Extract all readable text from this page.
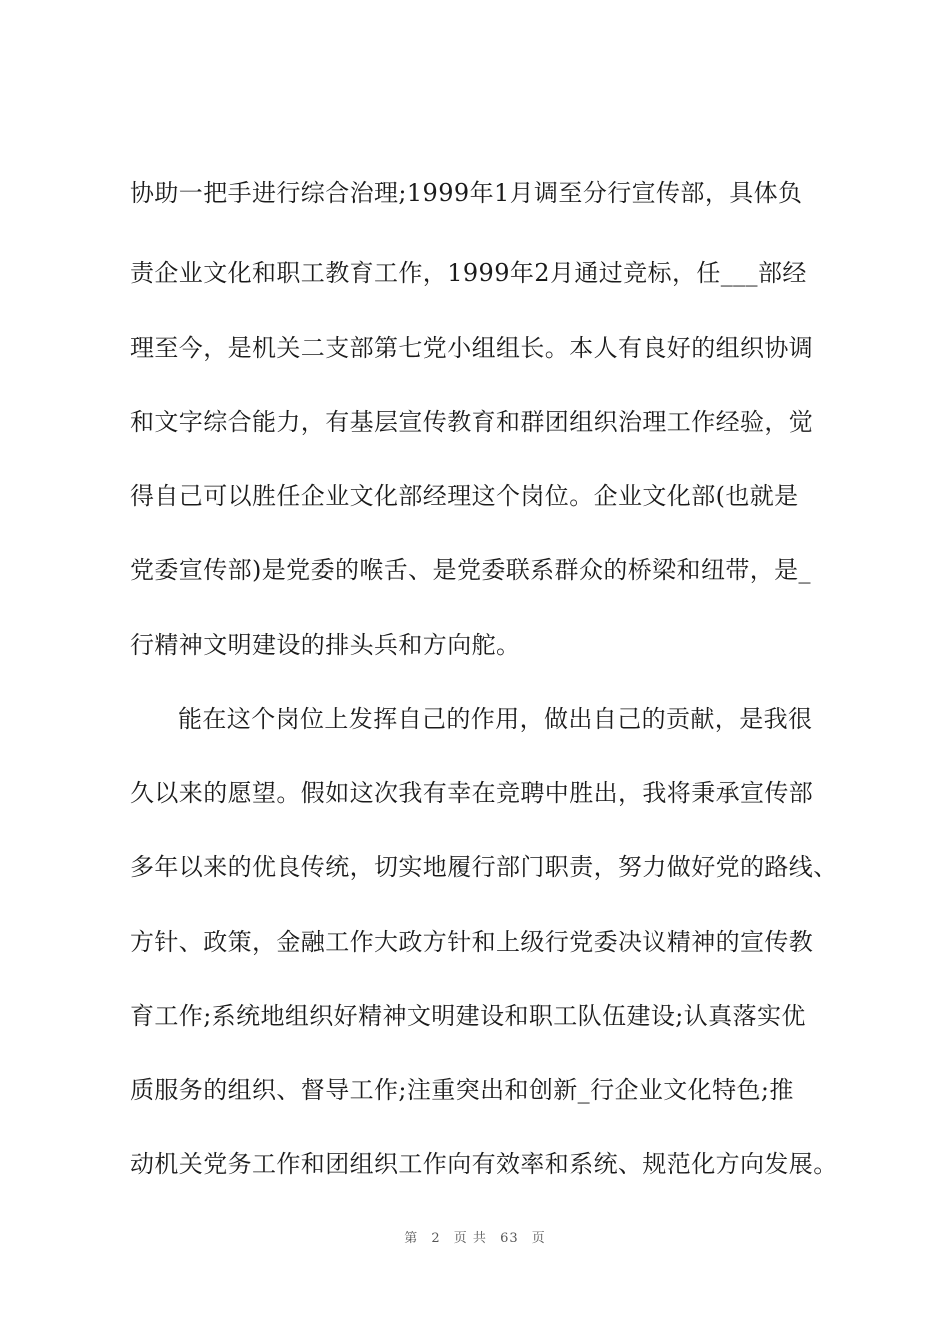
协助一把手进行综合治理;1999年1月调至分行宣传部，具体负
责企业文化和职工教育工作，1999年2月通过竞标，任___部经
理至今，是机关二支部第七党小组组长。本人有良好的组织协调
和文字综合能力，有基层宣传教育和群团组织治理工作经验，觉
得自己可以胜任企业文化部经理这个岗位。企业文化部(也就是
党委宣传部)是党委的喉舌、是党委联系群众的桥梁和纽带，是_
行精神文明建设的排头兵和方向舵。
能在这个岗位上发挥自己的作用，做出自己的贡献，是我很
久以来的愿望。假如这次我有幸在竞聘中胜出，我将秉承宣传部
多年以来的优良传统，切实地履行部门职责，努力做好党的路线、
方针、政策，金融工作大政方针和上级行党委决议精神的宣传教
育工作;系统地组织好精神文明建设和职工队伍建设;认真落实优
质服务的组织、督导工作;注重突出和创新_行企业文化特色;推
动机关党务工作和团组织工作向有效率和系统、规范化方向发展。
第 2 页 共 63 页
